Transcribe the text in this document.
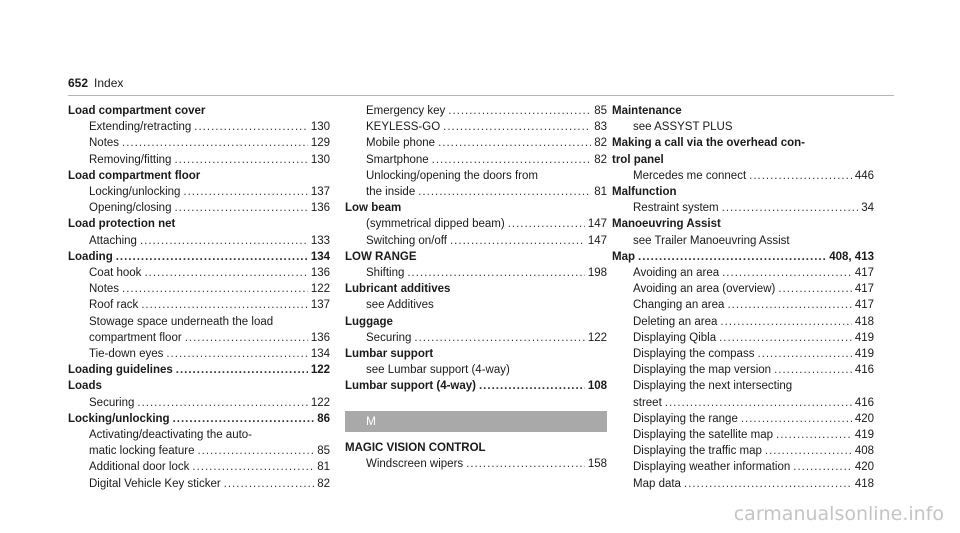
652 Index
Load compartment cover
Extending/retracting .....	130
Notes .....	129
Removing/fitting .....	130
Load compartment floor
Locking/unlocking .....	137
Opening/closing .....	136
Load protection net
Attaching .....	133
Loading .....	134
Coat hook .....	136
Notes .....	122
Roof rack .....	137
Stowage space underneath the load
compartment floor .....	136
Tie-down eyes .....	134
Loading guidelines .....	122
Loads
Securing .....	122
Locking/unlocking .....	86
Activating/deactivating the auto-
matic locking feature .....	85
Additional door lock .....	81
Digital Vehicle Key sticker .....	82
Emergency key .....	85
KEYLESS-GO .....	83
Mobile phone .....	82
Smartphone .....	82
Unlocking/opening the doors from
the inside .....	81
Low beam
(symmetrical dipped beam) .....	147
Switching on/off .....	147
LOW RANGE
Shifting .....	198
Lubricant additives
see Additives
Luggage
Securing .....	122
Lumbar support
see Lumbar support (4-way)
Lumbar support (4-way) .....	108
M
MAGIC VISION CONTROL
Windscreen wipers .....	158
Maintenance
see ASSYST PLUS
Making a call via the overhead con-
trol panel
Mercedes me connect .....	446
Malfunction
Restraint system .....	34
Manoeuvring Assist
see Trailer Manoeuvring Assist
Map .....	408, 413
Avoiding an area .....	417
Avoiding an area (overview) .....	417
Changing an area .....	417
Deleting an area .....	418
Displaying Qibla .....	419
Displaying the compass .....	419
Displaying the map version .....	416
Displaying the next intersecting
street .....	416
Displaying the range .....	420
Displaying the satellite map .....	419
Displaying the traffic map .....	408
Displaying weather information .....	420
Map data .....	418
carmanualsonline.info
